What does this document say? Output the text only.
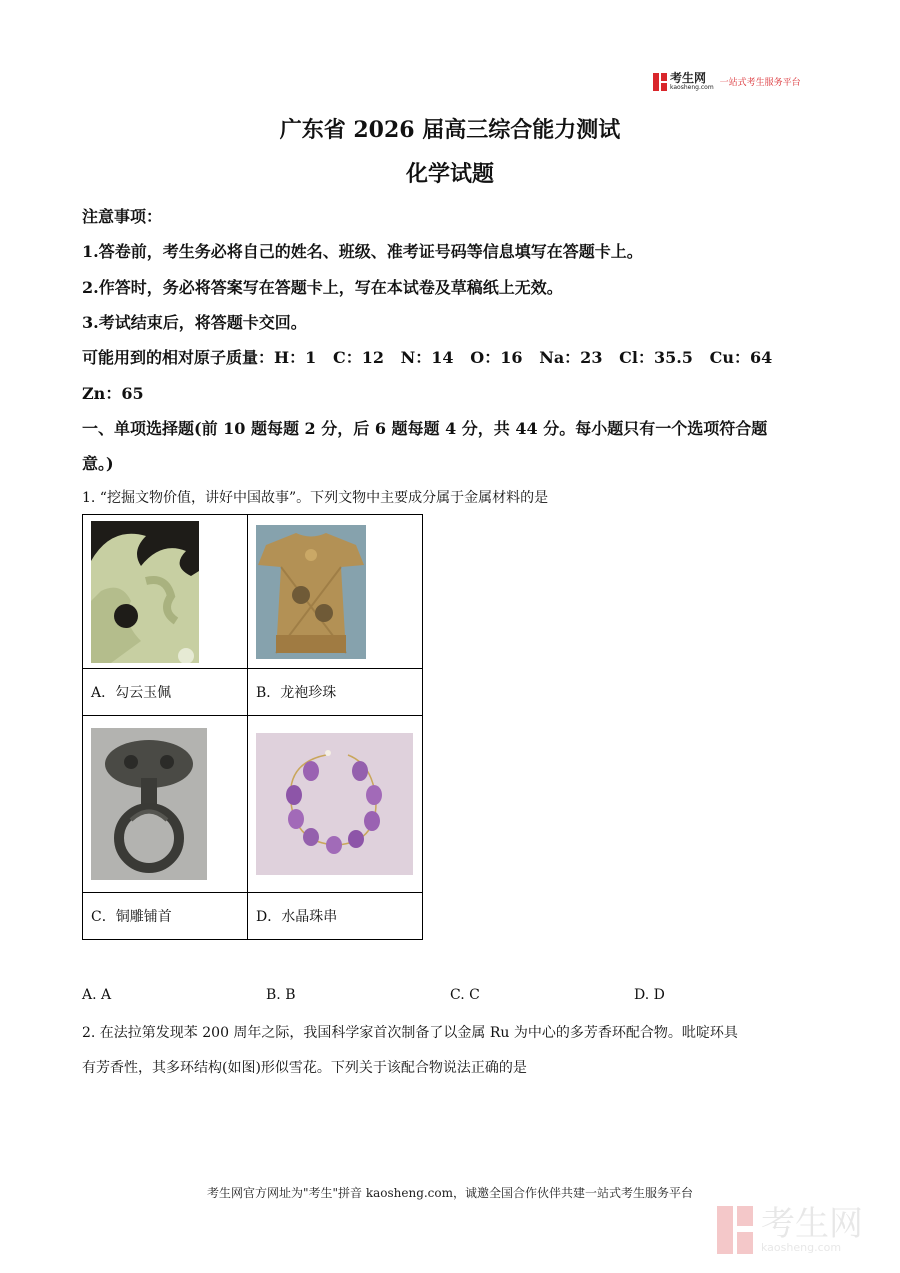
考生网
kaosheng.com 一站式考生服务平台
广东省 2026 届高三综合能力测试
化学试题
注意事项：
1.答卷前，考生务必将自己的姓名、班级、准考证号码等信息填写在答题卡上。
2.作答时，务必将答案写在答题卡上，写在本试卷及草稿纸上无效。
3.考试结束后，将答题卡交回。
可能用到的相对原子质量：H：1   C：12   N：14   O：16   Na：23   Cl：35.5   Cu：64
Zn：65
一、单项选择题(前 10 题每题 2 分，后 6 题每题 4 分，共 44 分。每小题只有一个选项符合题
意。)
1. “挖掘文物价值，讲好中国故事”。下列文物中主要成分属于金属材料的是

A．勾云玉佩	B．龙袍珍珠

C．铜雕铺首	D．水晶珠串
A. A	B. B	C. C	D. D
2. 在法拉第发现苯 200 周年之际，我国科学家首次制备了以金属 Ru 为中心的多芳香环配合物。吡啶环具
有芳香性，其多环结构(如图)形似雪花。下列关于该配合物说法正确的是
考生网官方网址为"考生"拼音 kaosheng.com，诚邀全国合作伙伴共建一站式考生服务平台
考生网
kaosheng.com
